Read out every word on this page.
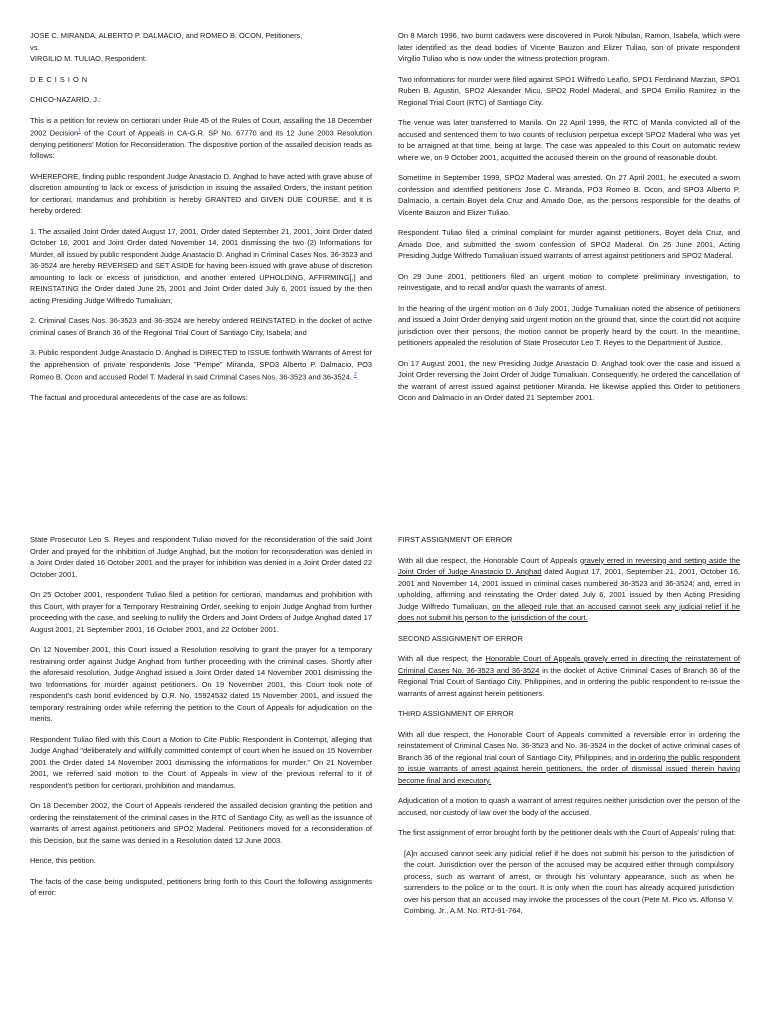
JOSE C. MIRANDA, ALBERTO P. DALMACIO, and ROMEO B. OCON, Petitioners,

vs.

VIRGILIO M. TULIAO, Respondent.

D E C I S I O N

CHICO-NAZARIO, J.:

This is a petition for review on certiorari under Rule 45 of the Rules of Court, assailing the 18 December 2002 Decision$^1$ of the Court of Appeals in CA-G.R. SP No. 67770 and its 12 June 2003 Resolution denying petitioners' Motion for Reconsideration. The dispositive portion of the assailed decision reads as follows:

WHEREFORE, finding public respondent Judge Anastacio D. Anghad to have acted with grave abuse of discretion amounting to lack or excess of jurisdiction in issuing the assailed Orders, the instant petition for certiorari, mandamus and prohibition is hereby GRANTED and GIVEN DUE COURSE, and it is hereby ordered:

1. The assailed Joint Order dated August 17, 2001, Order dated September 21, 2001, Joint Order dated October 16, 2001 and Joint Order dated November 14, 2001 dismissing the two (2) Informations for Murder, all issued by public respondent Judge Anastacio D. Anghad in Criminal Cases Nos. 36-3523 and 36-3524 are hereby REVERSED and SET ASIDE for having been issued with grave abuse of discretion amounting to lack or excess of jurisdiction, and another entered UPHOLDING, AFFIRMING[,] and REINSTATING the Order dated June 25, 2001 and Joint Order dated July 6, 2001 issued by the then acting Presiding Judge Wilfredo Tumaliuan;

2. Criminal Cases Nos. 36-3523 and 36-3524 are hereby ordered REINSTATED in the docket of active criminal cases of Branch 36 of the Regional Trial Court of Santiago City, Isabela; and

3. Public respondent Judge Anastacio D. Anghad is DIRECTED to ISSUE forthwith Warrants of Arrest for the apprehension of private respondents Jose "Pempe" Miranda, SPO3 Alberto P. Dalmacio, PO3 Romeo B. Ocon and accused Rodel T. Maderal in said Criminal Cases Nos. 36-3523 and 36-3524. $^2$

The factual and procedural antecedents of the case are as follows:

On 8 March 1996, two burnt cadavers were discovered in Purok Nibulan, Ramon, Isabela, which were later identified as the dead bodies of Vicente Bauzon and Elizer Tuliao, son of private respondent Virgilio Tuliao who is now under the witness protection program.

Two informations for murder were filed against SPO1 Wilfredo Leaño, SPO1 Ferdinand Marzan, SPO1 Ruben B. Agustin, SPO2 Alexander Micu, SPO2 Rodel Maderal, and SPO4 Emilio Ramirez in the Regional Trial Court (RTC) of Santiago City.

The venue was later transferred to Manila. On 22 April 1999, the RTC of Manila convicted all of the accused and sentenced them to two counts of reclusion perpetua except SPO2 Maderal who was yet to be arraigned at that time, being at large. The case was appealed to this Court on automatic review where we, on 9 October 2001, acquitted the accused therein on the ground of reasonable doubt.

Sometime in September 1999, SPO2 Maderal was arrested. On 27 April 2001, he executed a sworn confession and identified petitioners Jose C. Miranda, PO3 Romeo B. Ocon, and SPO3 Alberto P. Dalmacio, a certain Boyet dela Cruz and Amado Doe, as the persons responsible for the deaths of Vicente Bauzon and Elizer Tuliao.

Respondent Tuliao filed a criminal complaint for murder against petitioners, Boyet dela Cruz, and Amado Doe, and submitted the sworn confession of SPO2 Maderal. On 25 June 2001, Acting Presiding Judge Wilfredo Tumaliuan issued warrants of arrest against petitioners and SPO2 Maderal.

On 29 June 2001, petitioners filed an urgent motion to complete preliminary investigation, to reinvestigate, and to recall and/or quash the warrants of arrest.

In the hearing of the urgent motion on 6 July 2001, Judge Tumaliuan noted the absence of petitioners and issued a Joint Order denying said urgent motion on the ground that, since the court did not acquire jurisdiction over their persons, the motion cannot be properly heard by the court. In the meantime, petitioners appealed the resolution of State Prosecutor Leo T. Reyes to the Department of Justice.

On 17 August 2001, the new Presiding Judge Anastacio D. Anghad took over the case and issued a Joint Order reversing the Joint Order of Judge Tumaliuan. Consequently, he ordered the cancellation of the warrant of arrest issued against petitioner Miranda. He likewise applied this Order to petitioners Ocon and Dalmacio in an Order dated 21 September 2001.

State Prosecutor Leo S. Reyes and respondent Tuliao moved for the reconsideration of the said Joint Order and prayed for the inhibition of Judge Anghad, but the motion for reconsideration was denied in a Joint Order dated 16 October 2001 and the prayer for inhibition was denied in a Joint Order dated 22 October 2001.

On 25 October 2001, respondent Tuliao filed a petition for certiorari, mandamus and prohibition with this Court, with prayer for a Temporary Restraining Order, seeking to enjoin Judge Anghad from further proceeding with the case, and seeking to nullify the Orders and Joint Orders of Judge Anghad dated 17 August 2001, 21 September 2001, 16 October 2001, and 22 October 2001.

On 12 November 2001, this Court issued a Resolution resolving to grant the prayer for a temporary restraining order against Judge Anghad from further proceeding with the criminal cases. Shortly after the aforesaid resolution, Judge Anghad issued a Joint Order dated 14 November 2001 dismissing the two Informations for murder against petitioners. On 19 November 2001, this Court took note of respondent's cash bond evidenced by O.R. No. 15924532 dated 15 November 2001, and issued the temporary restraining order while referring the petition to the Court of Appeals for adjudication on the merits.

Respondent Tuliao filed with this Court a Motion to Cite Public Respondent in Contempt, alleging that Judge Anghad "deliberately and willfully committed contempt of court when he issued on 15 November 2001 the Order dated 14 November 2001 dismissing the informations for murder." On 21 November 2001, we referred said motion to the Court of Appeals in view of the previous referral to it of respondent's petition for certiorari, prohibition and mandamus.

On 18 December 2002, the Court of Appeals rendered the assailed decision granting the petition and ordering the reinstatement of the criminal cases in the RTC of Santiago City, as well as the issuance of warrants of arrest against petitioners and SPO2 Maderal. Petitioners moved for a reconsideration of this Decision, but the same was denied in a Resolution dated 12 June 2003.

Hence, this petition.

The facts of the case being undisputed, petitioners bring forth to this Court the following assignments of error:

FIRST ASSIGNMENT OF ERROR

With all due respect, the Honorable Court of Appeals gravely erred in reversing and setting aside the Joint Order of Judge Anastacio D. Anghad dated August 17, 2001, September 21, 2001, October 16, 2001 and November 14, 2001 issued in criminal cases numbered 36-3523 and 36-3524; and, erred in upholding, affirming and reinstating the Order dated July 6, 2001 issued by then Acting Presiding Judge Wilfredo Tumaliuan, on the alleged rule that an accused cannot seek any judicial relief if he does not submit his person to the jurisdiction of the court.

SECOND ASSIGNMENT OF ERROR

With all due respect, the Honorable Court of Appeals gravely erred in directing the reinstatement of Criminal Cases No. 36-3523 and 36-3524 in the docket of Active Criminal Cases of Branch 36 of the Regional Trial Court of Santiago City, Philippines, and in ordering the public respondent to re-issue the warrants of arrest against herein petitioners.

THIRD ASSIGNMENT OF ERROR

With all due respect, the Honorable Court of Appeals committed a reversible error in ordering the reinstatement of Criminal Cases No. 36-3523 and No. 36-3524 in the docket of active criminal cases of Branch 36 of the regional trial court of Santiago City, Philippines, and in ordering the public respondent to issue warrants of arrest against herein petitioners, the order of dismissal issued therein having become final and executory.

Adjudication of a motion to quash a warrant of arrest requires neither jurisdiction over the person of the accused, nor custody of law over the body of the accused.

The first assignment of error brought forth by the petitioner deals with the Court of Appeals' ruling that:

[A]n accused cannot seek any judicial relief if he does not submit his person to the jurisdiction of the court. Jurisdiction over the person of the accused may be acquired either through compulsory process, such as warrant of arrest, or through his voluntary appearance, such as when he surrenders to the police or to the court. It is only when the court has already acquired jurisdiction over his person that an accused may invoke the processes of the court (Pete M. Pico vs. Alfonso V. Combing, Jr., A.M. No. RTJ-91-764,
